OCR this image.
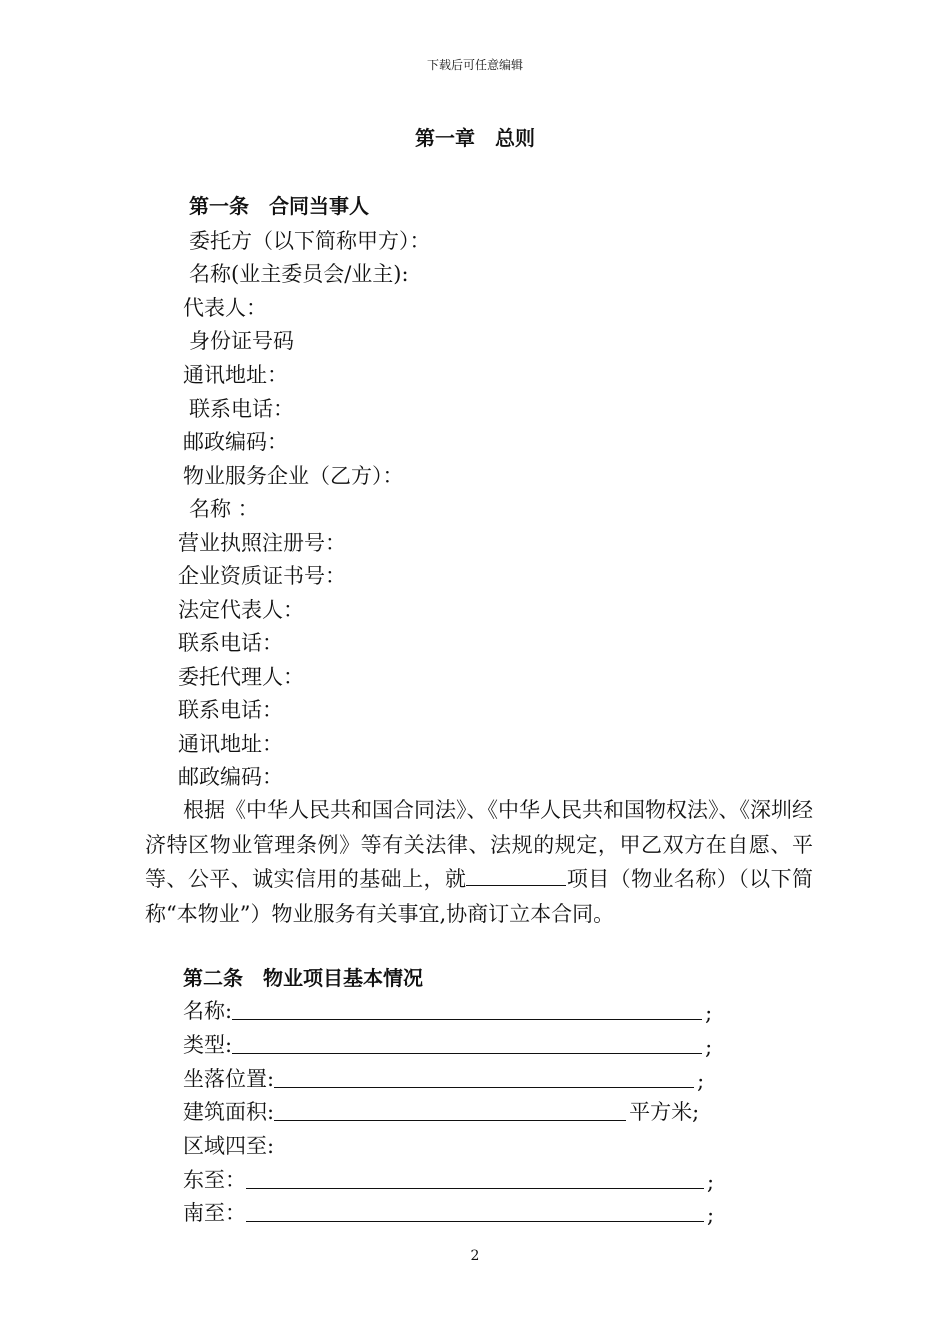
下载后可任意编辑
第一章　总则
第一条　合同当事人
委托方（以下简称甲方）：
名称(业主委员会/业主):
代表人：
身份证号码
通讯地址：
联系电话：
邮政编码：
物业服务企业（乙方）：
名称 ：
营业执照注册号：
企业资质证书号：
法定代表人：
联系电话：
委托代理人：
联系电话：
通讯地址：
邮政编码：
根据《中华人民共和国合同法》、《中华人民共和国物权法》、《深圳经济特区物业管理条例》等有关法律、法规的规定，甲乙双方在自愿、平等、公平、诚实信用的基础上，就	项目（物业名称）（以下简称“本物业”）物业服务有关事宜,协商订立本合同。
第二条　物业项目基本情况
名称:	;
类型:	;
坐落位置:	;
建筑面积:	平方米;
区域四至:
东至：	;
南至：	;
2
